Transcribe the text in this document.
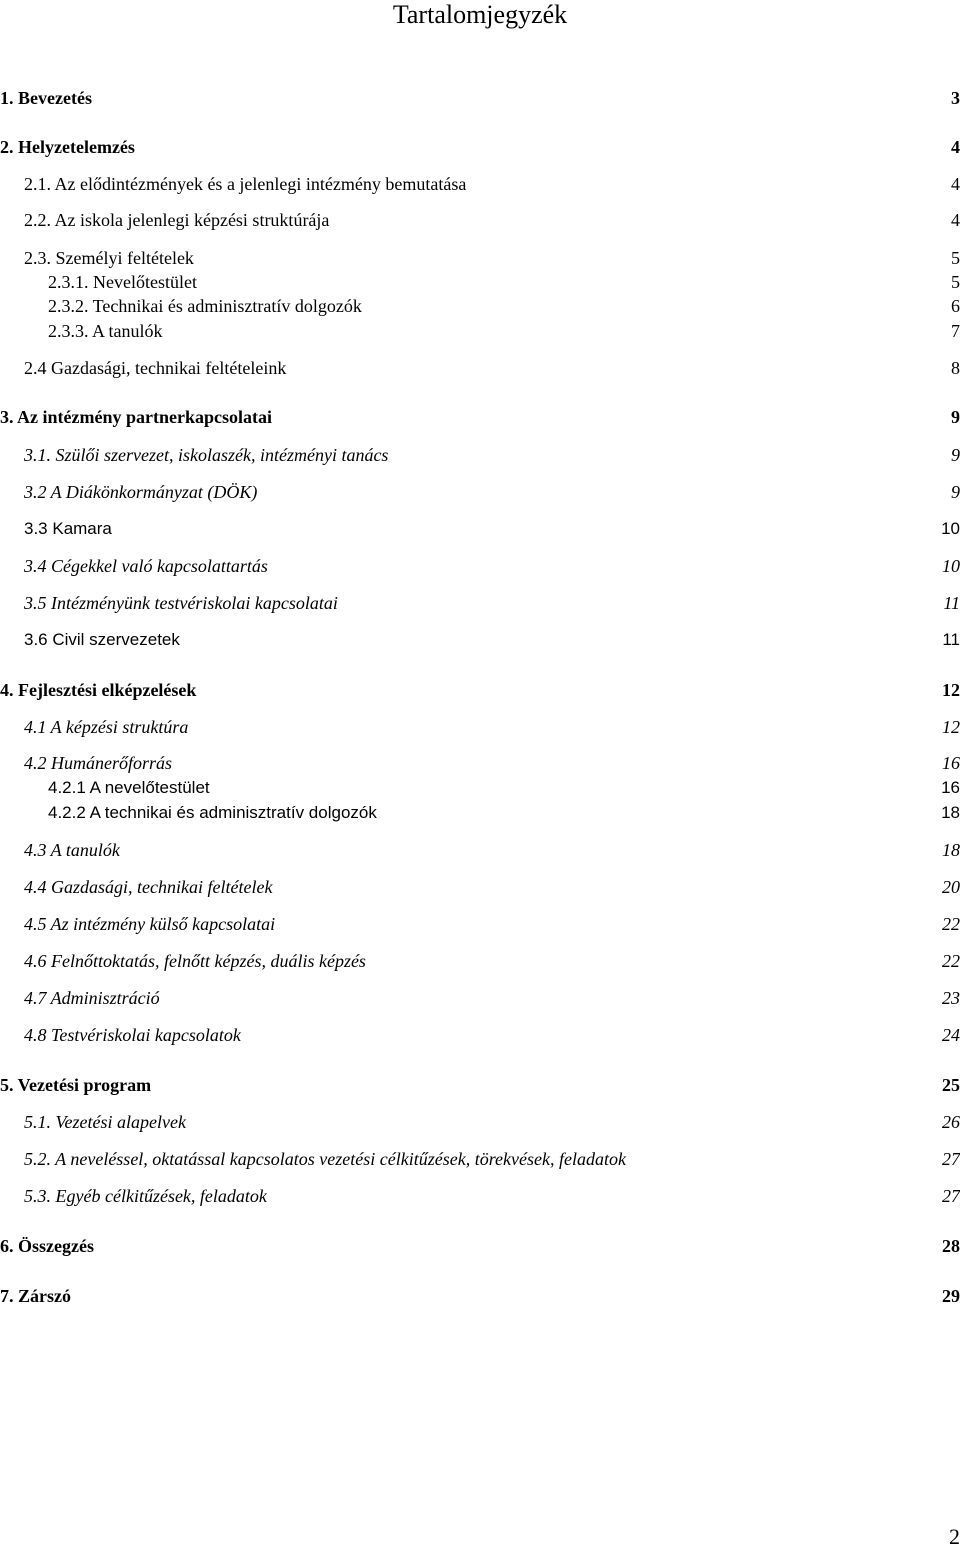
Tartalomjegyzék
1. Bevezetés	3
2. Helyzetelemzés	4
2.1. Az elődintézmények és a jelenlegi intézmény bemutatása	4
2.2. Az iskola jelenlegi képzési struktúrája	4
2.3. Személyi feltételek	5
2.3.1. Nevelőtestület	5
2.3.2. Technikai és adminisztratív dolgozók	6
2.3.3. A tanulók	7
2.4 Gazdasági, technikai feltételeink	8
3. Az intézmény partnerkapcsolatai	9
3.1. Szülői szervezet, iskolaszék, intézményi tanács	9
3.2 A Diákönkormányzat (DÖK)	9
3.3 Kamara	10
3.4 Cégekkel való kapcsolattartás	10
3.5 Intézményünk testvériskolai kapcsolatai	11
3.6 Civil szervezetek	11
4. Fejlesztési elképzelések	12
4.1 A képzési struktúra	12
4.2 Humánerőforrás	16
4.2.1 A nevelőtestület	16
4.2.2 A technikai és adminisztratív dolgozók	18
4.3 A tanulók	18
4.4 Gazdasági, technikai feltételek	20
4.5 Az intézmény külső kapcsolatai	22
4.6 Felnőttoktatás, felnőtt képzés, duális képzés	22
4.7 Adminisztráció	23
4.8 Testvériskolai kapcsolatok	24
5. Vezetési program	25
5.1. Vezetési alapelvek	26
5.2. A neveléssel, oktatással kapcsolatos vezetési célkitűzések, törekvések, feladatok	27
5.3. Egyéb célkitűzések, feladatok	27
6. Összegzés	28
7. Zárszó	29
2
